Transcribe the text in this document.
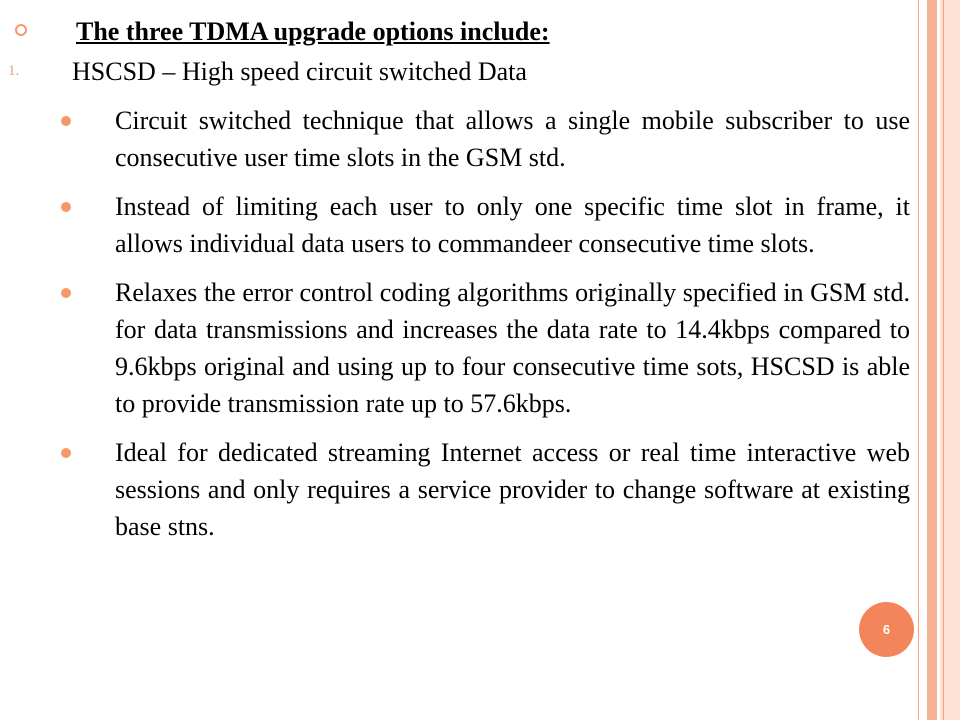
The three TDMA upgrade options include:
1. HSCSD – High speed circuit switched Data

Circuit switched technique that allows a single mobile subscriber to use consecutive user time slots in the GSM std.

Instead of limiting each user to only one specific time slot in frame, it allows individual data users to commandeer consecutive time slots.

Relaxes the error control coding algorithms originally specified in GSM std. for data transmissions and increases the data rate to 14.4kbps compared to 9.6kbps original and using up to four consecutive time sots, HSCSD is able to provide transmission rate up to 57.6kbps.

Ideal for dedicated streaming Internet access or real time interactive web sessions and only requires a service provider to change software at existing base stns.

6
